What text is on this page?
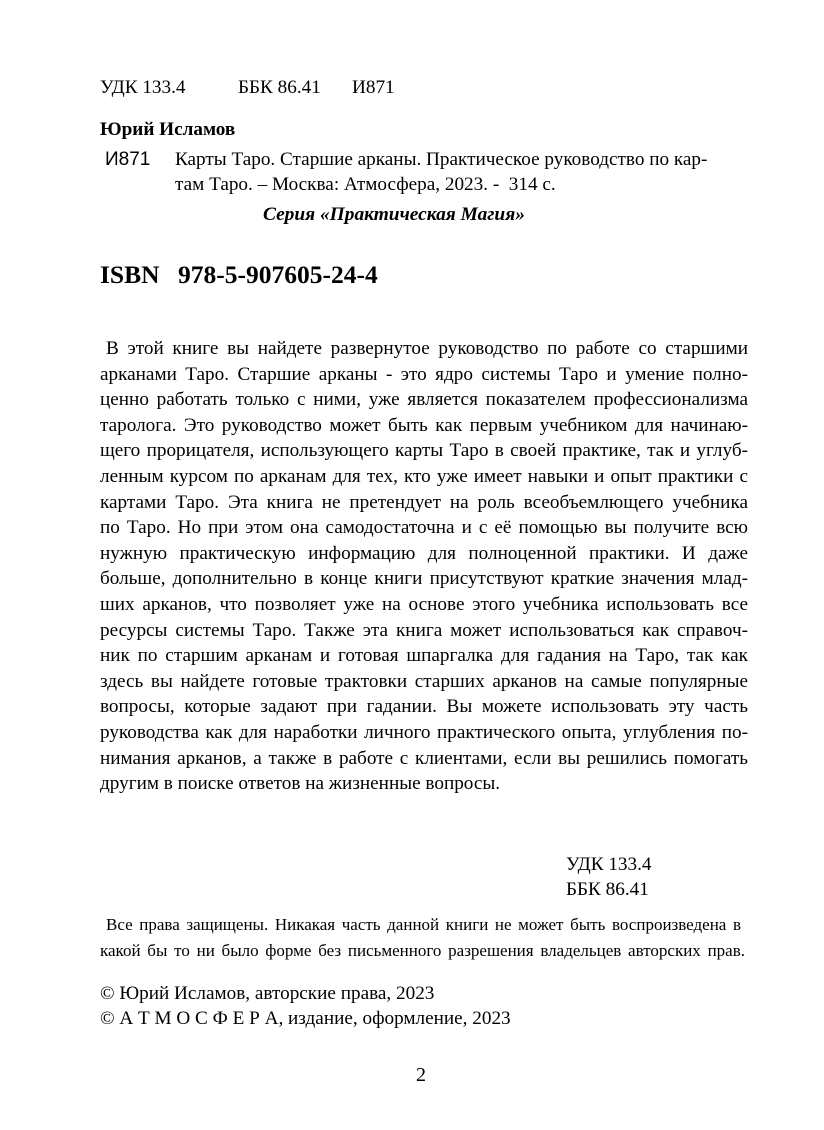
УДК 133.4	ББК 86.41 И871
Юрий Исламов
И871 Карты Таро. Старшие арканы. Практическое руководство по кар-
там Таро. – Москва: Атмосфера, 2023. -  314 с.
Серия «Практическая Магия»
ISBN 978-5-907605-24-4
В этой книге вы найдете развернутое руководство по работе со старшими
арканами Таро. Старшие арканы - это ядро системы Таро и умение полно-
ценно работать только с ними, уже является показателем профессионализма
таролога. Это руководство может быть как первым учебником для начинаю-
щего прорицателя, использующего карты Таро в своей практике, так и углуб-
ленным курсом по арканам для тех, кто уже имеет навыки и опыт практики с
картами Таро. Эта книга не претендует на роль всеобъемлющего учебника
по Таро. Но при этом она самодостаточна и с её помощью вы получите всю
нужную практическую информацию для полноценной практики. И даже
больше, дополнительно в конце книги присутствуют краткие значения млад-
ших арканов, что позволяет уже на основе этого учебника использовать все
ресурсы системы Таро. Также эта книга может использоваться как справоч-
ник по старшим арканам и готовая шпаргалка для гадания на Таро, так как
здесь вы найдете готовые трактовки старших арканов на самые популярные
вопросы, которые задают при гадании. Вы можете использовать эту часть
руководства как для наработки личного практического опыта, углубления по-
нимания арканов, а также в работе с клиентами, если вы решились помогать
другим в поиске ответов на жизненные вопросы.
УДК 133.4
ББК 86.41
Все права защищены. Никакая часть данной книги не может быть воспроизведена в
какой бы то ни было форме без письменного разрешения владельцев авторских прав.
© Юрий Исламов, авторские права, 2023
© А Т М О С Ф Е Р А, издание, оформление, 2023
2
